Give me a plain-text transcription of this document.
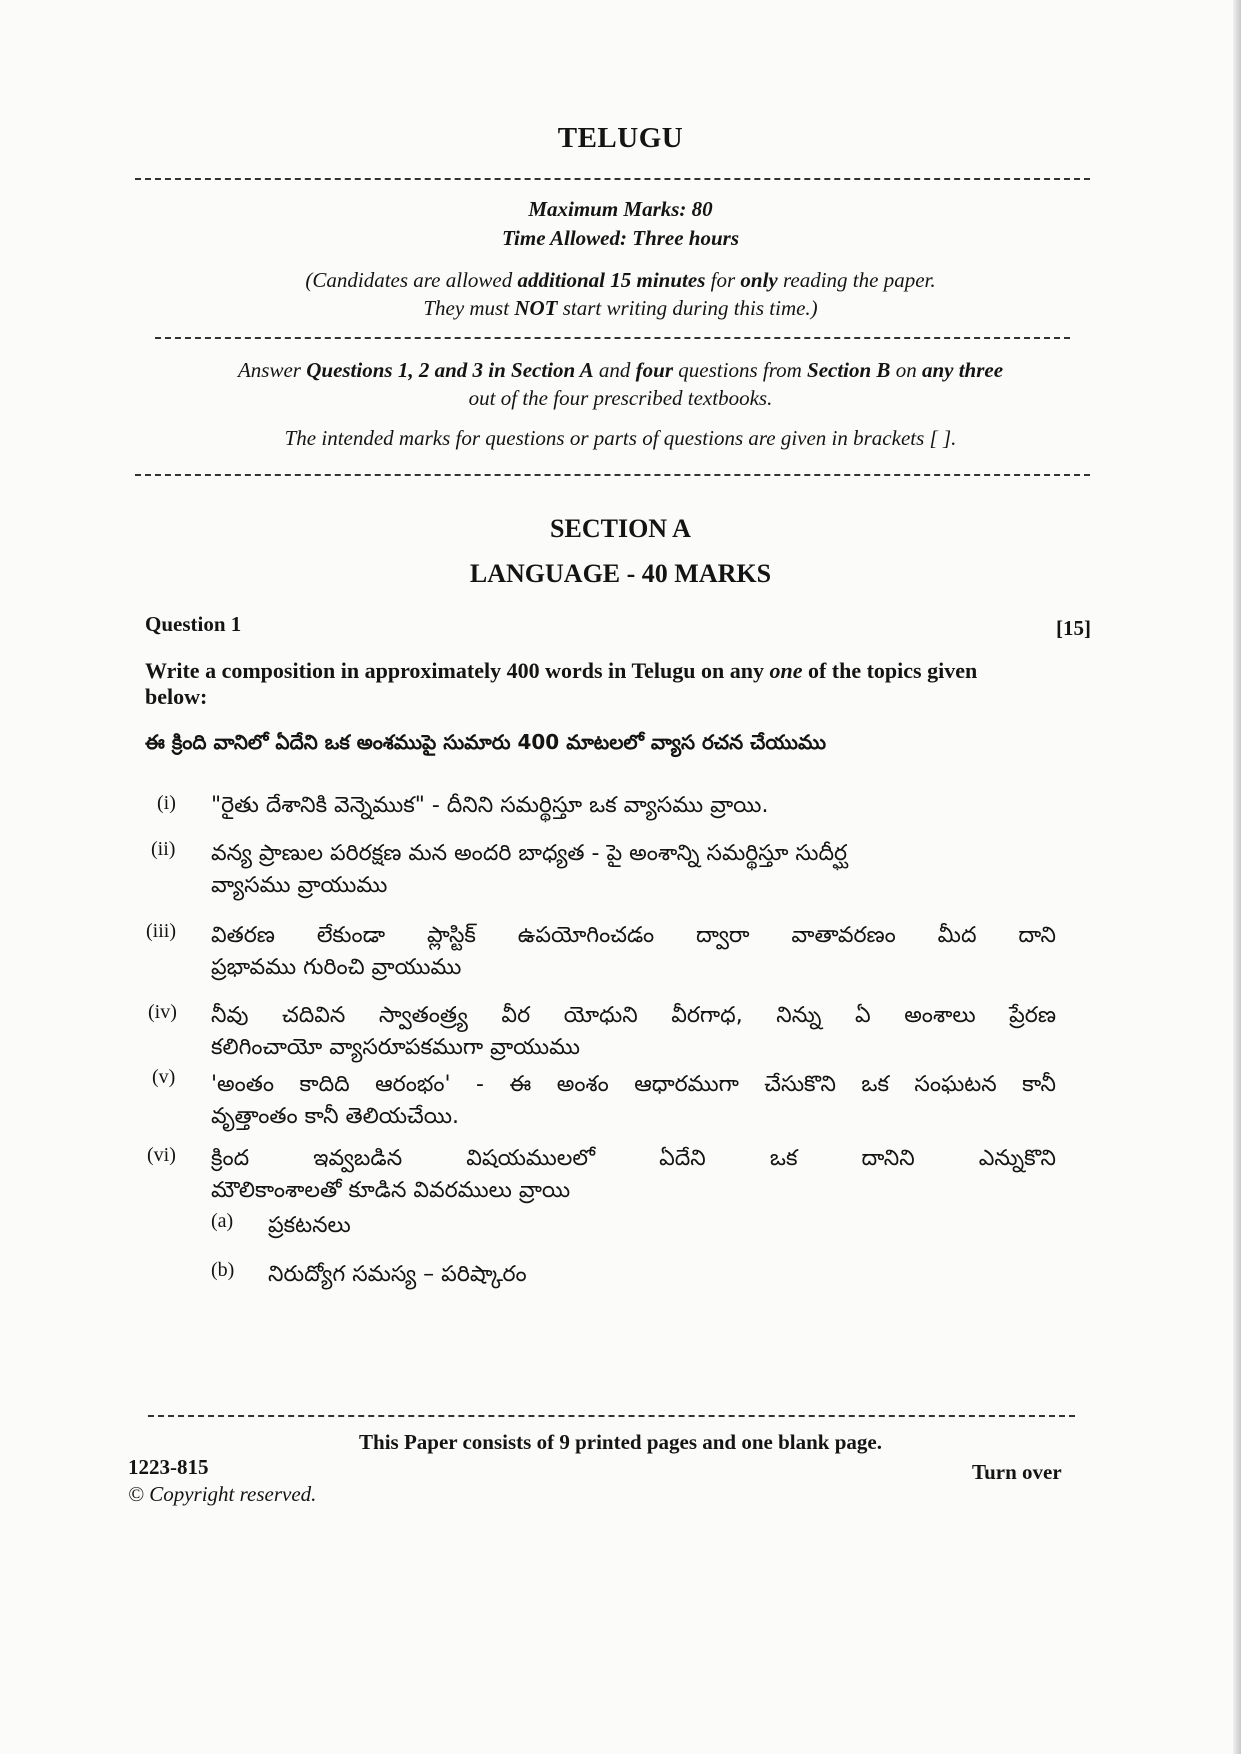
TELUGU
Maximum Marks: 80
Time Allowed: Three hours
(Candidates are allowed additional 15 minutes for only reading the paper.
They must NOT start writing during this time.)
Answer Questions 1, 2 and 3 in Section A and four questions from Section B on any three
out of the four prescribed textbooks.
The intended marks for questions or parts of questions are given in brackets [ ].
SECTION A
LANGUAGE - 40 MARKS
Question 1	[15]
Write a composition in approximately 400 words in Telugu on any one of the topics given below:
ఈ క్రింది వానిలో ఏదేని ఒక అంశముపై సుమారు 400 మాటలలో వ్యాస రచన చేయుము
(i) "రైతు దేశానికి వెన్నెముక" - దీనిని సమర్థిస్తూ ఒక వ్యాసము వ్రాయి.
(ii) వన్య ప్రాణుల పరిరక్షణ మన అందరి బాధ్యత - పై అంశాన్ని సమర్థిస్తూ సుదీర్ఘ
వ్యాసము వ్రాయుము
(iii) వితరణ లేకుండా ప్లాస్టిక్ ఉపయోగించడం ద్వారా వాతావరణం మీద దాని
ప్రభావము గురించి వ్రాయుము
(iv) నీవు చదివిన స్వాతంత్ర్య వీర యోధుని వీరగాధ, నిన్ను ఏ అంశాలు ప్రేరణ
కలిగించాయో వ్యాసరూపకముగా వ్రాయుము
(v) 'అంతం కాదిది ఆరంభం' - ఈ అంశం ఆధారముగా చేసుకొని ఒక సంఘటన కానీ
వృత్తాంతం కానీ తెలియచేయి.
(vi) క్రింద ఇవ్వబడిన విషయములలో ఏదేని ఒక దానిని ఎన్నుకొని
మౌలికాంశాలతో కూడిన వివరములు వ్రాయి
(a) ప్రకటనలు
(b) నిరుద్యోగ సమస్య – పరిష్కారం
This Paper consists of 9 printed pages and one blank page.
1223-815	Turn over
© Copyright reserved.
